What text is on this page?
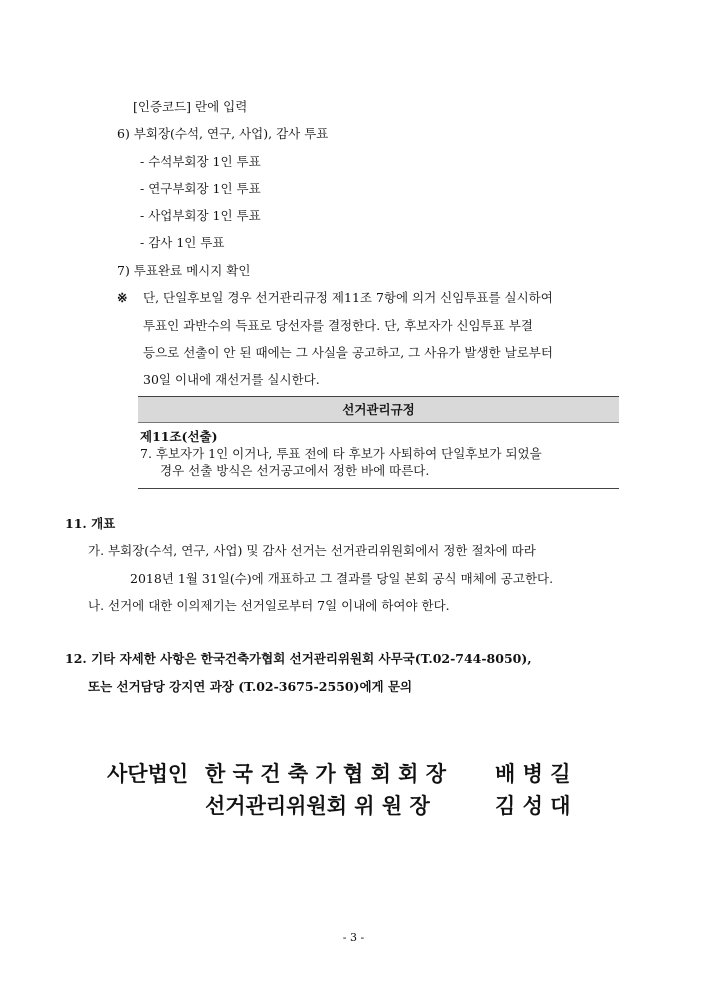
[인증코드] 란에 입력
6) 부회장(수석, 연구, 사업), 감사 투표
- 수석부회장 1인 투표
- 연구부회장 1인 투표
- 사업부회장 1인 투표
- 감사 1인 투표
7) 투표완료 메시지 확인
※ 단, 단일후보일 경우 선거관리규정 제11조 7항에 의거 신임투표를 실시하여
투표인 과반수의 득표로 당선자를 결정한다. 단, 후보자가 신임투표 부결
등으로 선출이 안 된 때에는 그 사실을 공고하고, 그 사유가 발생한 날로부터
30일 이내에 재선거를 실시한다.
선거관리규정
제11조(선출)
7. 후보자가 1인 이거나, 투표 전에 타 후보가 사퇴하여 단일후보가 되었을
경우 선출 방식은 선거공고에서 정한 바에 따른다.
11. 개표
가. 부회장(수석, 연구, 사업) 및 감사 선거는 선거관리위원회에서 정한 절차에 따라
2018년 1월 31일(수)에 개표하고 그 결과를 당일 본회 공식 매체에 공고한다.
나. 선거에 대한 이의제기는 선거일로부터 7일 이내에 하여야 한다.
12. 기타 자세한 사항은 한국건축가협회 선거관리위원회 사무국(T.02-744-8050),
또는 선거담당 강지연 과장 (T.02-3675-2550)에게 문의
사단법인 한 국 건 축 가 협 회 회 장 배 병 길
선거관리위원회 위 원 장	김 성 대
- 3 -
